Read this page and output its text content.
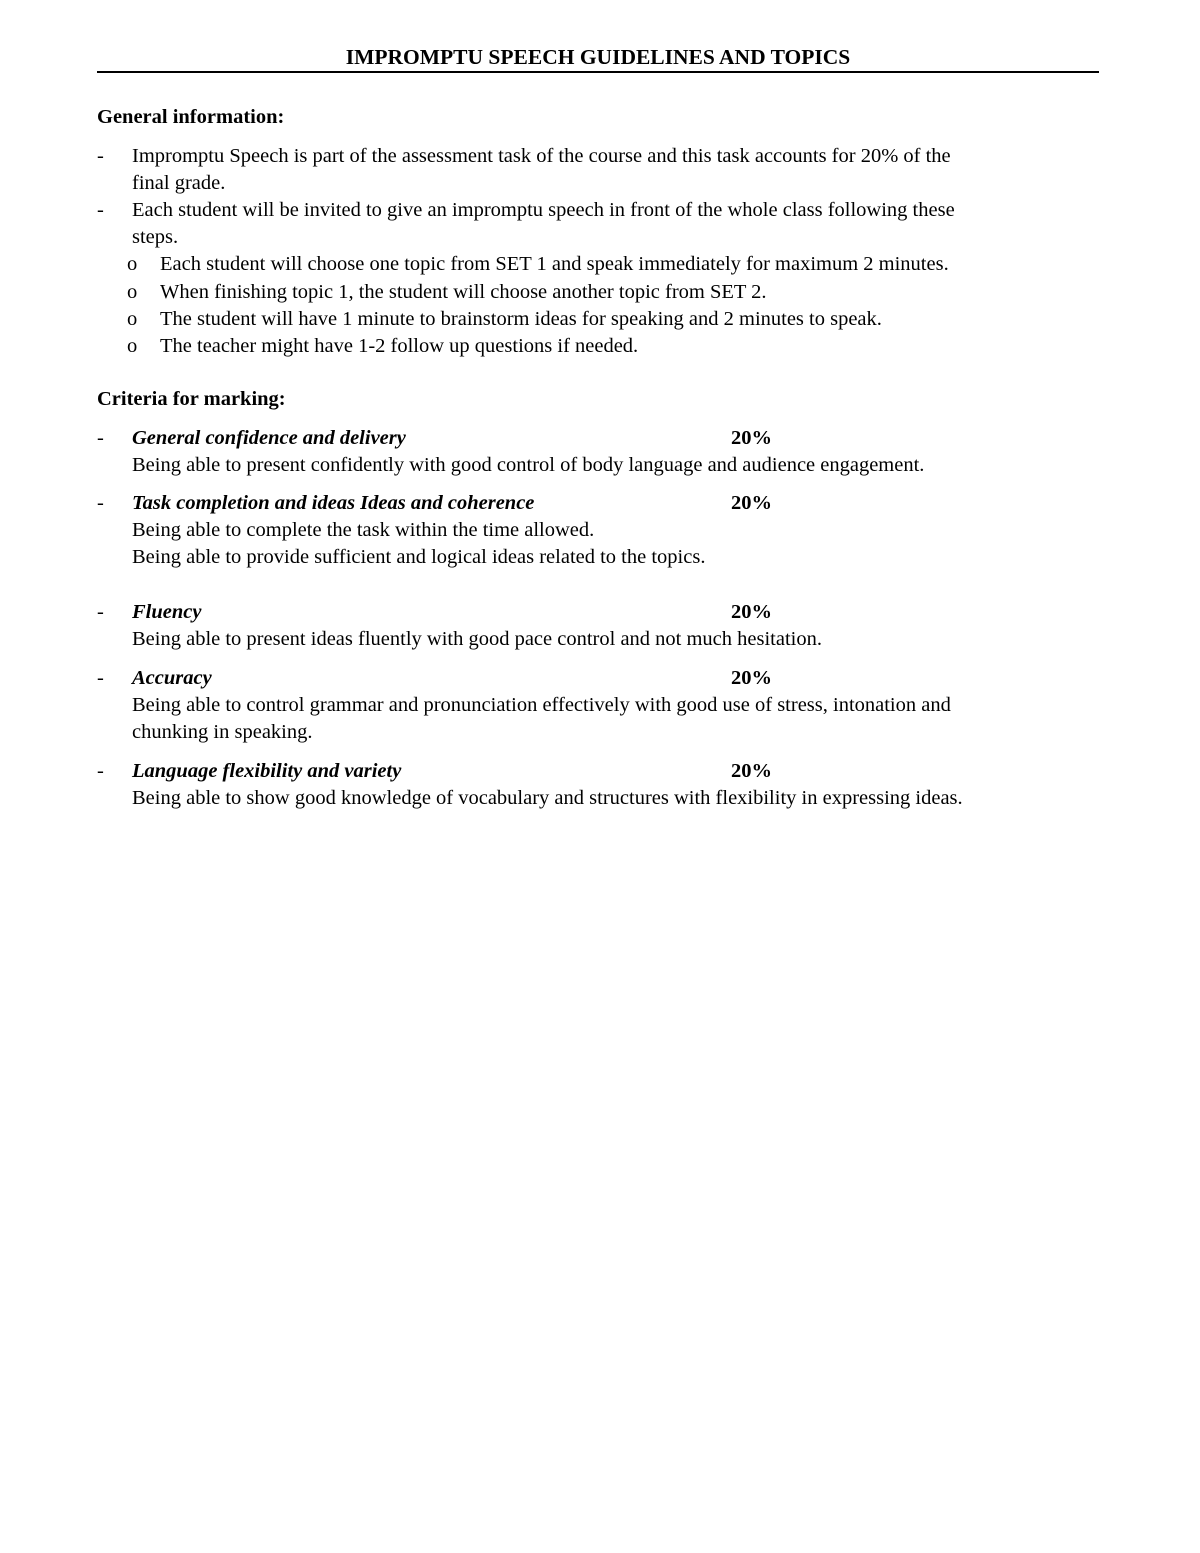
IMPROMPTU SPEECH GUIDELINES AND TOPICS
General information:
-	Impromptu Speech is part of the assessment task of the course and this task accounts for 20% of the
final grade.
-	Each student will be invited to give an impromptu speech in front of the whole class following these
steps.
o Each student will choose one topic from SET 1 and speak immediately for maximum 2 minutes.
o When finishing topic 1, the student will choose another topic from SET 2.
o The student will have 1 minute to brainstorm ideas for speaking and 2 minutes to speak.
o The teacher might have 1-2 follow up questions if needed.
Criteria for marking:
-	General confidence and delivery	20%
Being able to present confidently with good control of body language and audience engagement.
-	Task completion and ideas Ideas and coherence	20%
Being able to complete the task within the time allowed.
Being able to provide sufficient and logical ideas related to the topics.
-	Fluency	20%
Being able to present ideas fluently with good pace control and not much hesitation.
-	Accuracy	20%
Being able to control grammar and pronunciation effectively with good use of stress, intonation and
chunking in speaking.
-	Language flexibility and variety	20%
Being able to show good knowledge of vocabulary and structures with flexibility in expressing ideas.
